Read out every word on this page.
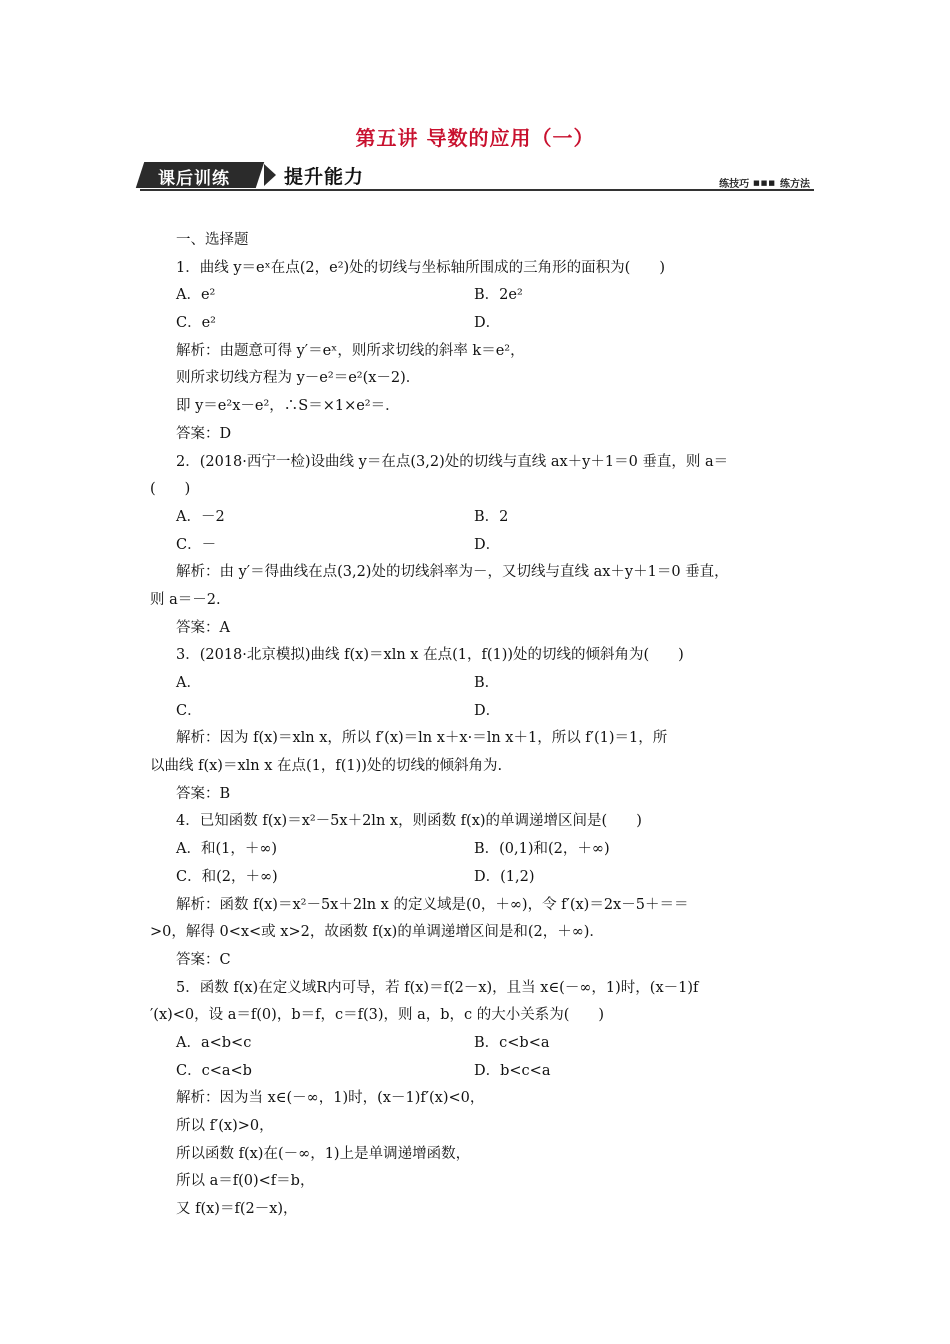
第五讲 导数的应用（一）
课后训练	提升能力	练技巧 ■■■ 练方法
一、选择题
1．曲线 y＝eˣ在点(2，e²)处的切线与坐标轴所围成的三角形的面积为(　　)
A．e²	B．2e²
C．e²	D．
解析：由题意可得 y′＝eˣ，则所求切线的斜率 k＝e²，
则所求切线方程为 y－e²＝e²(x－2)．
即 y＝e²x－e²，∴S＝×1×e²＝．
答案：D
2．(2018·西宁一检)设曲线 y＝在点(3,2)处的切线与直线 ax＋y＋1＝0 垂直，则 a＝
(　　)
A．－2	B．2
C．－	D．
解析：由 y′＝得曲线在点(3,2)处的切线斜率为－，又切线与直线 ax＋y＋1＝0 垂直，
则 a＝－2.
答案：A
3．(2018·北京模拟)曲线 f(x)＝xln x 在点(1，f(1))处的切线的倾斜角为(　　)
A．	B．
C．	D．
解析：因为 f(x)＝xln x，所以 f′(x)＝ln x＋x·＝ln x＋1，所以 f′(1)＝1，所
以曲线 f(x)＝xln x 在点(1，f(1))处的切线的倾斜角为.
答案：B
4．已知函数 f(x)＝x²－5x＋2ln x，则函数 f(x)的单调递增区间是(　　)
A．和(1，＋∞)	B．(0,1)和(2，＋∞)
C．和(2，＋∞)	D．(1,2)
解析：函数 f(x)＝x²－5x＋2ln x 的定义域是(0，＋∞)，令 f′(x)＝2x－5＋＝＝
>0，解得 0<x<或 x>2，故函数 f(x)的单调递增区间是和(2，＋∞)．
答案：C
5．函数 f(x)在定义域R内可导，若 f(x)＝f(2－x)，且当 x∈(－∞，1)时，(x－1)f
′(x)<0，设 a＝f(0)，b＝f，c＝f(3)，则 a，b，c 的大小关系为(　　)
A．a<b<c	B．c<b<a
C．c<a<b	D．b<c<a
解析：因为当 x∈(－∞，1)时，(x－1)f′(x)<0，
所以 f′(x)>0，
所以函数 f(x)在(－∞，1)上是单调递增函数，
所以 a＝f(0)<f＝b，
又 f(x)＝f(2－x)，
